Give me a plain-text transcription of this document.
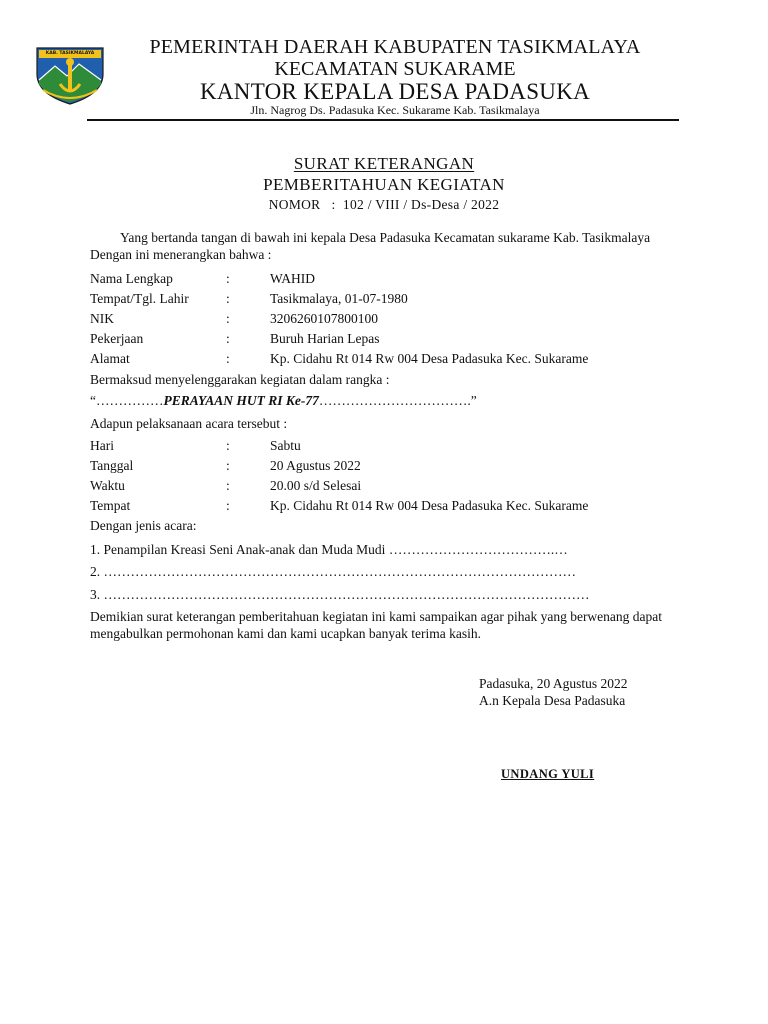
KAB. TASIKMALAYA	PEMERINTAH DAERAH KABUPATEN TASIKMALAYA
KECAMATAN SUKARAME
KANTOR KEPALA DESA PADASUKA
Jln. Nagrog Ds. Padasuka Kec. Sukarame Kab. Tasikmalaya
SURAT KETERANGAN
PEMBERITAHUAN KEGIATAN
NOMOR   :  102 / VIII / Ds-Desa / 2022
Yang bertanda tangan di bawah ini kepala Desa Padasuka Kecamatan sukarame Kab. Tasikmalaya Dengan ini menerangkan bahwa :
Nama Lengkap	:	WAHID
Tempat/Tgl. Lahir	:	Tasikmalaya, 01-07-1980
NIK	:	3206260107800100
Pekerjaan	:	Buruh Harian Lepas
Alamat	:	Kp. Cidahu Rt 014 Rw 004 Desa Padasuka Kec. Sukarame
Bermaksud menyelenggarakan kegiatan dalam rangka :
“……………PERAYAAN HUT RI Ke-77…………………………….”
Adapun pelaksanaan acara tersebut :
Hari	:	Sabtu
Tanggal	:	20 Agustus 2022
Waktu	:	20.00 s/d Selesai
Tempat	:	Kp. Cidahu Rt 014 Rw 004 Desa Padasuka Kec. Sukarame
Dengan jenis acara:
1. Penampilan Kreasi Seni Anak-anak dan Muda Mudi ……………………………….…
2. ……………………………………………………………………………………………
3. ………………………………………………………………………………………………
Demikian surat keterangan pemberitahuan kegiatan ini kami sampaikan agar pihak yang berwenang dapat mengabulkan permohonan kami dan kami ucapkan banyak terima kasih.
Padasuka, 20 Agustus 2022
A.n Kepala Desa Padasuka
UNDANG YULI
